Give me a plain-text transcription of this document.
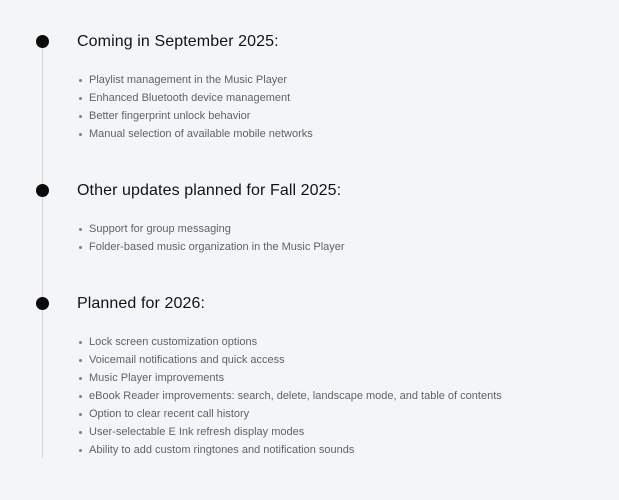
Coming in September 2025:
Playlist management in the Music Player
Enhanced Bluetooth device management
Better fingerprint unlock behavior
Manual selection of available mobile networks
Other updates planned for Fall 2025:
Support for group messaging
Folder-based music organization in the Music Player
Planned for 2026:
Lock screen customization options
Voicemail notifications and quick access
Music Player improvements
eBook Reader improvements: search, delete, landscape mode, and table of contents
Option to clear recent call history
User-selectable E Ink refresh display modes
Ability to add custom ringtones and notification sounds
